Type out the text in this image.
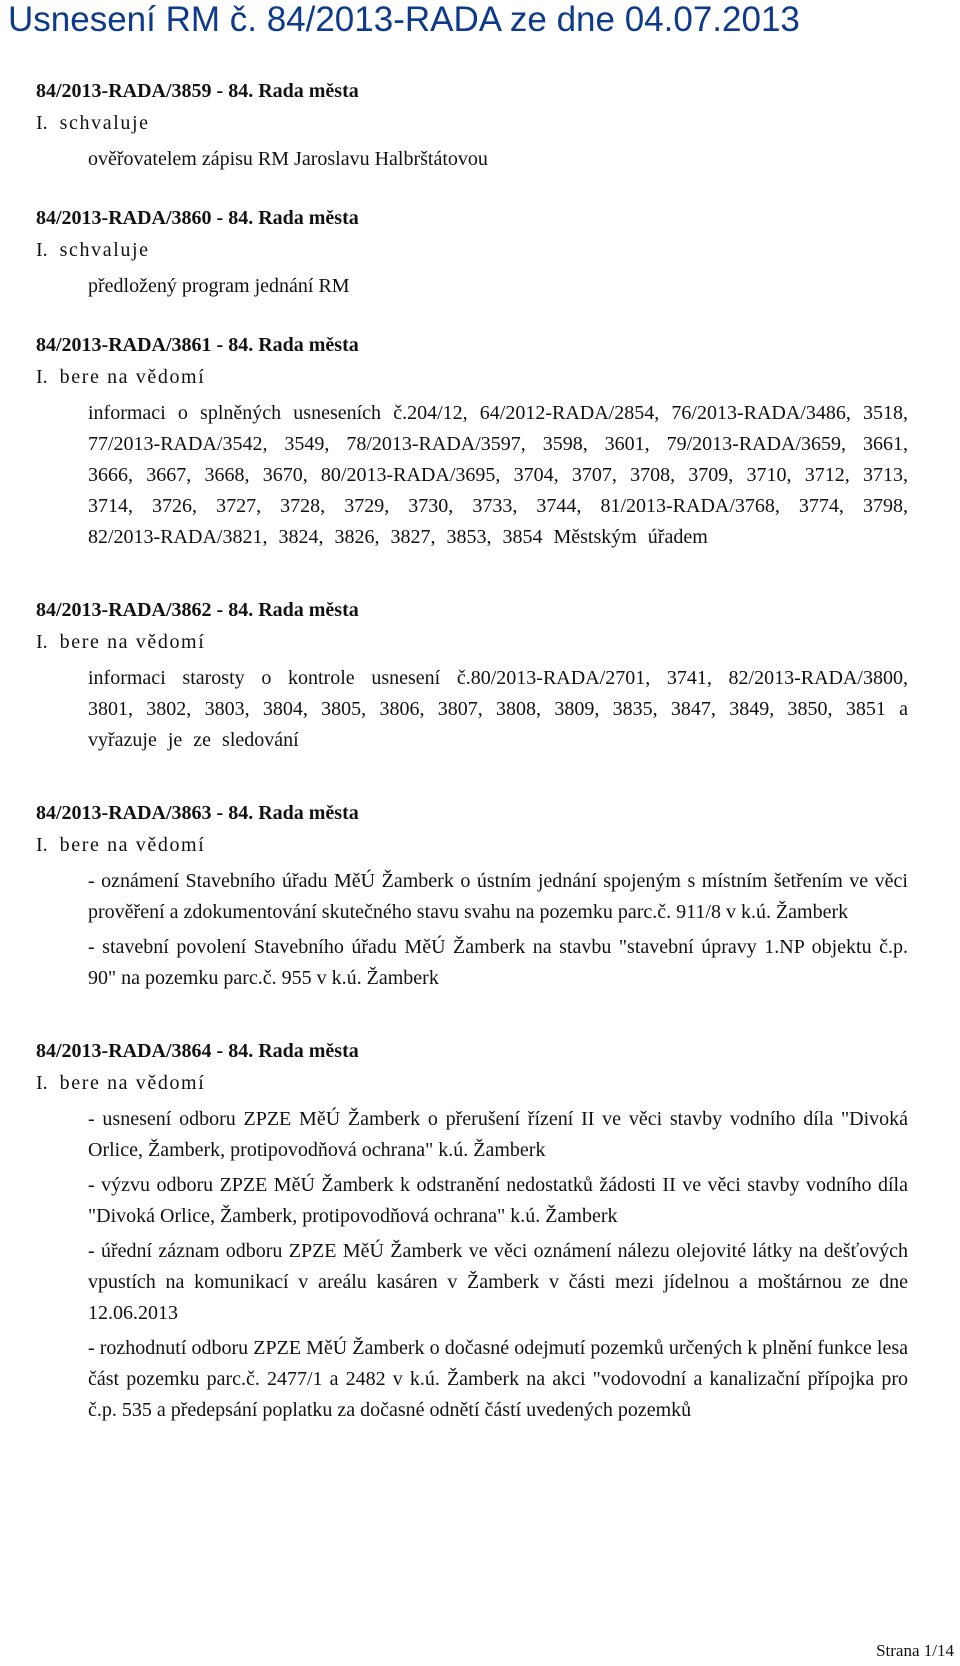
Usnesení RM č. 84/2013-RADA ze dne 04.07.2013
84/2013-RADA/3859 - 84. Rada města
I. schvaluje

ověřovatelem zápisu RM Jaroslavu Halbrštátovou

84/2013-RADA/3860 - 84. Rada města
I. schvaluje

předložený program jednání RM

84/2013-RADA/3861 - 84. Rada města
I. bere na vědomí

informaci o splněných usneseních č.204/12, 64/2012-RADA/2854, 76/2013-RADA/3486, 3518, 77/2013-RADA/3542, 3549, 78/2013-RADA/3597, 3598, 3601, 79/2013-RADA/3659, 3661, 3666, 3667, 3668, 3670, 80/2013-RADA/3695, 3704, 3707, 3708, 3709, 3710, 3712, 3713, 3714, 3726, 3727, 3728, 3729, 3730, 3733, 3744, 81/2013-RADA/3768, 3774, 3798, 82/2013-RADA/3821, 3824, 3826, 3827, 3853, 3854 Městským úřadem

84/2013-RADA/3862 - 84. Rada města
I. bere na vědomí

informaci starosty o kontrole usnesení č.80/2013-RADA/2701, 3741, 82/2013-RADA/3800, 3801, 3802, 3803, 3804, 3805, 3806, 3807, 3808, 3809, 3835, 3847, 3849, 3850, 3851 a vyřazuje je ze sledování

84/2013-RADA/3863 - 84. Rada města
I. bere na vědomí

- oznámení Stavebního úřadu MěÚ Žamberk o ústním jednání spojeným s místním šetřením ve věci prověření a zdokumentování skutečného stavu svahu na pozemku parc.č. 911/8 v k.ú. Žamberk

- stavební povolení Stavebního úřadu MěÚ Žamberk na stavbu "stavební úpravy 1.NP objektu č.p. 90" na pozemku parc.č. 955 v k.ú. Žamberk

84/2013-RADA/3864 - 84. Rada města
I. bere na vědomí

- usnesení odboru ZPZE MěÚ Žamberk o přerušení řízení II ve věci stavby vodního díla "Divoká Orlice, Žamberk, protipovodňová ochrana" k.ú. Žamberk

- výzvu odboru ZPZE MěÚ Žamberk k odstranění nedostatků žádosti II ve věci stavby vodního díla "Divoká Orlice, Žamberk, protipovodňová ochrana" k.ú. Žamberk

- úřední záznam odboru ZPZE MěÚ Žamberk ve věci oznámení nálezu olejovité látky na dešťových vpustích na komunikací v areálu kasáren v Žamberk v části mezi jídelnou a moštárnou ze dne 12.06.2013

- rozhodnutí odboru ZPZE MěÚ Žamberk o dočasné odejmutí pozemků určených k plnění funkce lesa část pozemku parc.č. 2477/1 a 2482 v k.ú. Žamberk na akci "vodovodní a kanalizační přípojka pro č.p. 535 a předepsání poplatku za dočasné odnětí částí uvedených pozemků

Strana 1/14
